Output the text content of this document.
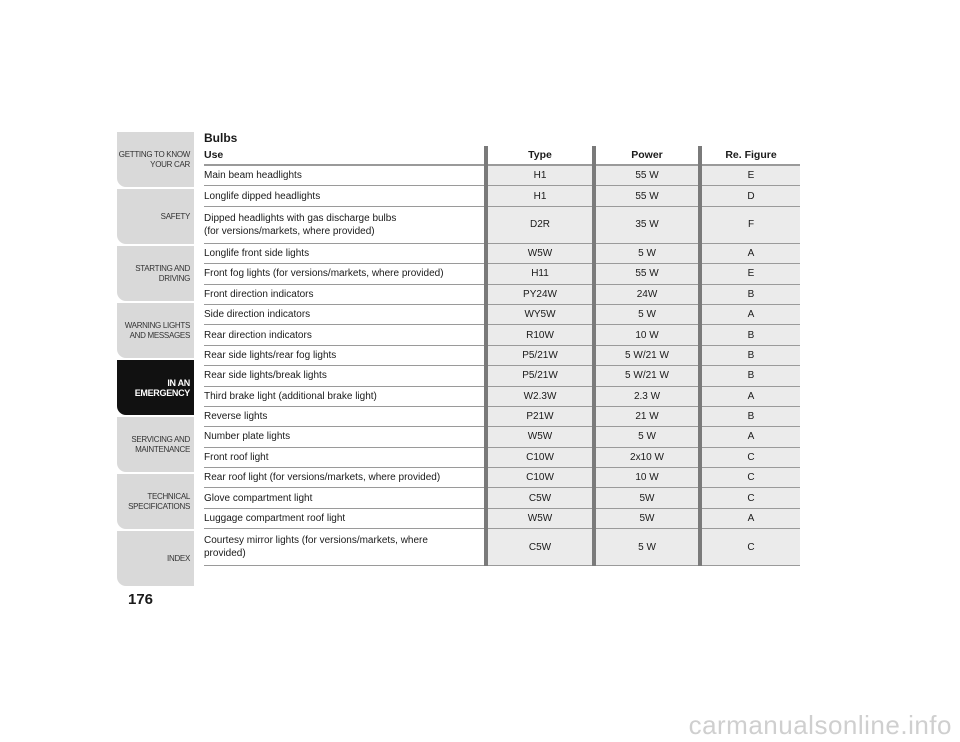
GETTING TO KNOW
YOUR CAR
SAFETY
STARTING AND
DRIVING
WARNING LIGHTS
AND MESSAGES
IN AN
EMERGENCY
SERVICING AND
MAINTENANCE
TECHNICAL
SPECIFICATIONS
INDEX
176
Bulbs
Use	Type	Power	Re. Figure
Main beam headlights	H1	55 W	E
Longlife dipped headlights	H1	55 W	D
Dipped headlights with gas discharge bulbs
(for versions/markets, where provided)	D2R	35 W	F
Longlife front side lights	W5W	5 W	A
Front fog lights (for versions/markets, where provided)	H11	55 W	E
Front direction indicators	PY24W	24W	B
Side direction indicators	WY5W	5 W	A
Rear direction indicators	R10W	10 W	B
Rear side lights/rear fog lights	P5/21W	5 W/21 W	B
Rear side lights/break lights	P5/21W	5 W/21 W	B
Third brake light (additional brake light)	W2.3W	2.3 W	A
Reverse lights	P21W	21 W	B
Number plate lights	W5W	5 W	A
Front roof light	C10W	2x10 W	C
Rear roof light (for versions/markets, where provided)	C10W	10 W	C
Glove compartment light	C5W	5W	C
Luggage compartment roof light	W5W	5W	A
Courtesy mirror lights (for versions/markets, where
provided)	C5W	5 W	C
carmanualsonline.info
